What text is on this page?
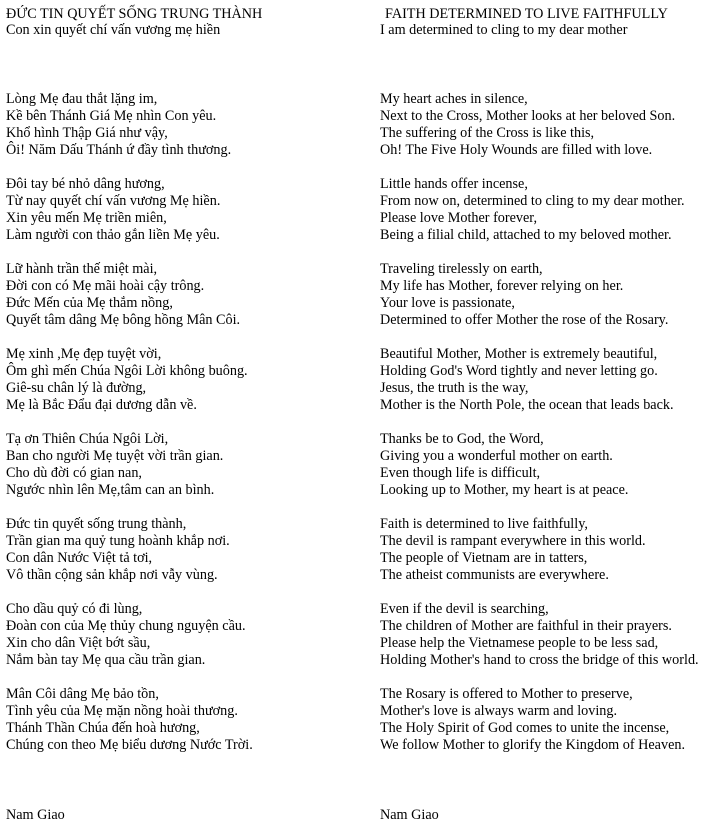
ĐỨC TIN QUYẾT SỐNG TRUNG THÀNH
Con xin quyết chí vấn vương mẹ hiền
Lòng Mẹ đau thắt lặng im,
Kề bên Thánh Giá Mẹ nhìn Con yêu.
Khổ hình Thập Giá như vậy,
Ôi! Năm Dấu Thánh ứ đầy tình thương.
Đôi tay bé nhỏ dâng hương,
Từ nay quyết chí vấn vương Mẹ hiền.
Xin yêu mến Mẹ triền miên,
Làm người con thảo gắn liền Mẹ yêu.
Lữ hành trần thế miệt mài,
Đời con có Mẹ mãi hoài cậy trông.
Đức Mến của Mẹ thắm nồng,
Quyết tâm dâng Mẹ bông hồng Mân Côi.
Mẹ xinh ,Mẹ đẹp tuyệt vời,
Ôm ghì mến Chúa Ngôi Lời không buông.
Giê-su chân lý là đường,
Mẹ là Bắc Đẩu đại dương dẫn về.
Tạ ơn Thiên Chúa Ngôi Lời,
Ban cho người Mẹ tuyệt vời trần gian.
Cho dù đời có gian nan,
Ngước nhìn lên Mẹ,tâm can an bình.
Đức tin quyết sống trung thành,
Trần gian ma quỷ tung hoành khắp nơi.
Con dân Nước Việt tả tơi,
Vô thần cộng sản khắp nơi vẫy vùng.
Cho dầu quỷ có đi lùng,
Đoàn con của Mẹ thủy chung nguyện cầu.
Xin cho dân Việt bớt sầu,
Nắm bàn tay Mẹ qua cầu trần gian.
Mân Côi dâng Mẹ bảo tồn,
Tình yêu của Mẹ mặn nồng hoài thương.
Thánh Thần Chúa đến hoà hương,
Chúng con theo Mẹ biểu dương Nước Trời.
FAITH DETERMINED TO LIVE FAITHFULLY
I am determined to cling to my dear mother
My heart aches in silence,
Next to the Cross, Mother looks at her beloved Son.
The suffering of the Cross is like this,
Oh! The Five Holy Wounds are filled with love.
Little hands offer incense,
From now on, determined to cling to my dear mother.
Please love Mother forever,
Being a filial child, attached to my beloved mother.
Traveling tirelessly on earth,
My life has Mother, forever relying on her.
Your love is passionate,
Determined to offer Mother the rose of the Rosary.
Beautiful Mother, Mother is extremely beautiful,
Holding God's Word tightly and never letting go.
Jesus, the truth is the way,
Mother is the North Pole, the ocean that leads back.
Thanks be to God, the Word,
Giving you a wonderful mother on earth.
Even though life is difficult,
Looking up to Mother, my heart is at peace.
Faith is determined to live faithfully,
The devil is rampant everywhere in this world.
The people of Vietnam are in tatters,
The atheist communists are everywhere.
Even if the devil is searching,
The children of Mother are faithful in their prayers.
Please help the Vietnamese people to be less sad,
Holding Mother's hand to cross the bridge of this world.
The Rosary is offered to Mother to preserve,
Mother's love is always warm and loving.
The Holy Spirit of God comes to unite the incense,
We follow Mother to glorify the Kingdom of Heaven.
Nam Giao	Nam Giao
